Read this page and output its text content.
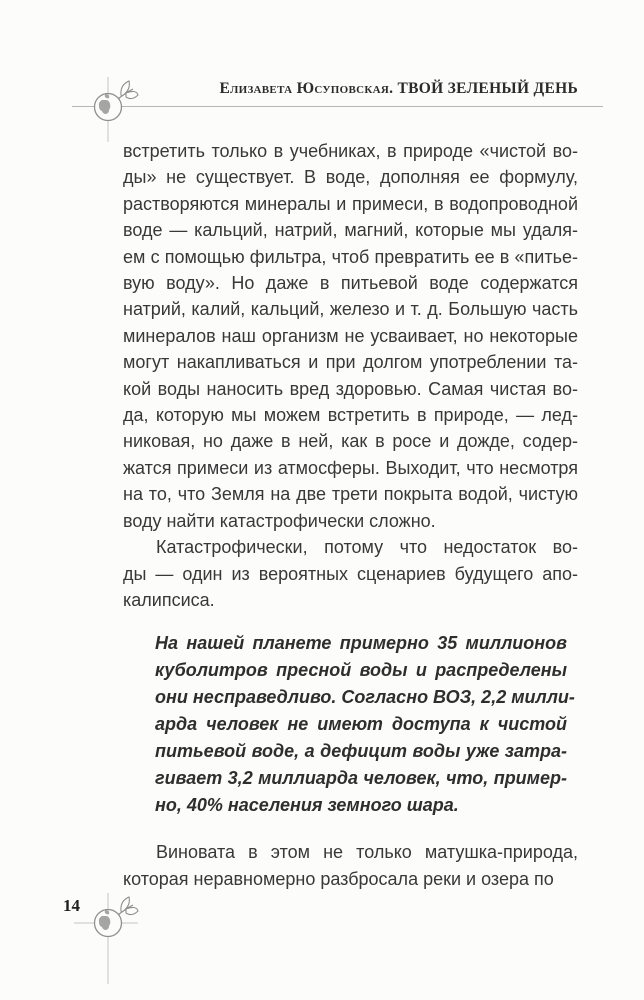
Елизавета Юсуповская. ТВОЙ ЗЕЛЕНЫЙ ДЕНЬ
встретить только в учебниках, в природе «чистой во-
ды» не существует. В воде, дополняя ее формулу,
растворяются минералы и примеси, в водопроводной
воде — кальций, натрий, магний, которые мы удаля-
ем с помощью фильтра, чтоб превратить ее в «питье-
вую воду». Но даже в питьевой воде содержатся
натрий, калий, кальций, железо и т. д. Большую часть
минералов наш организм не усваивает, но некоторые
могут накапливаться и при долгом употреблении та-
кой воды наносить вред здоровью. Самая чистая во-
да, которую мы можем встретить в природе, — лед-
никовая, но даже в ней, как в росе и дожде, содер-
жатся примеси из атмосферы. Выходит, что несмотря
на то, что Земля на две трети покрыта водой, чистую
воду найти катастрофически сложно.
Катастрофически, потому что недостаток во-
ды — один из вероятных сценариев будущего апо-
калипсиса.
На нашей планете примерно 35 миллионов
куболитров пресной воды и распределены
они несправедливо. Согласно ВОЗ, 2,2 милли-
арда человек не имеют доступа к чистой
питьевой воде, а дефицит воды уже затра-
гивает 3,2 миллиарда человек, что, пример-
но, 40% населения земного шара.
Виновата в этом не только матушка-природа,
которая неравномерно разбросала реки и озера по
14
